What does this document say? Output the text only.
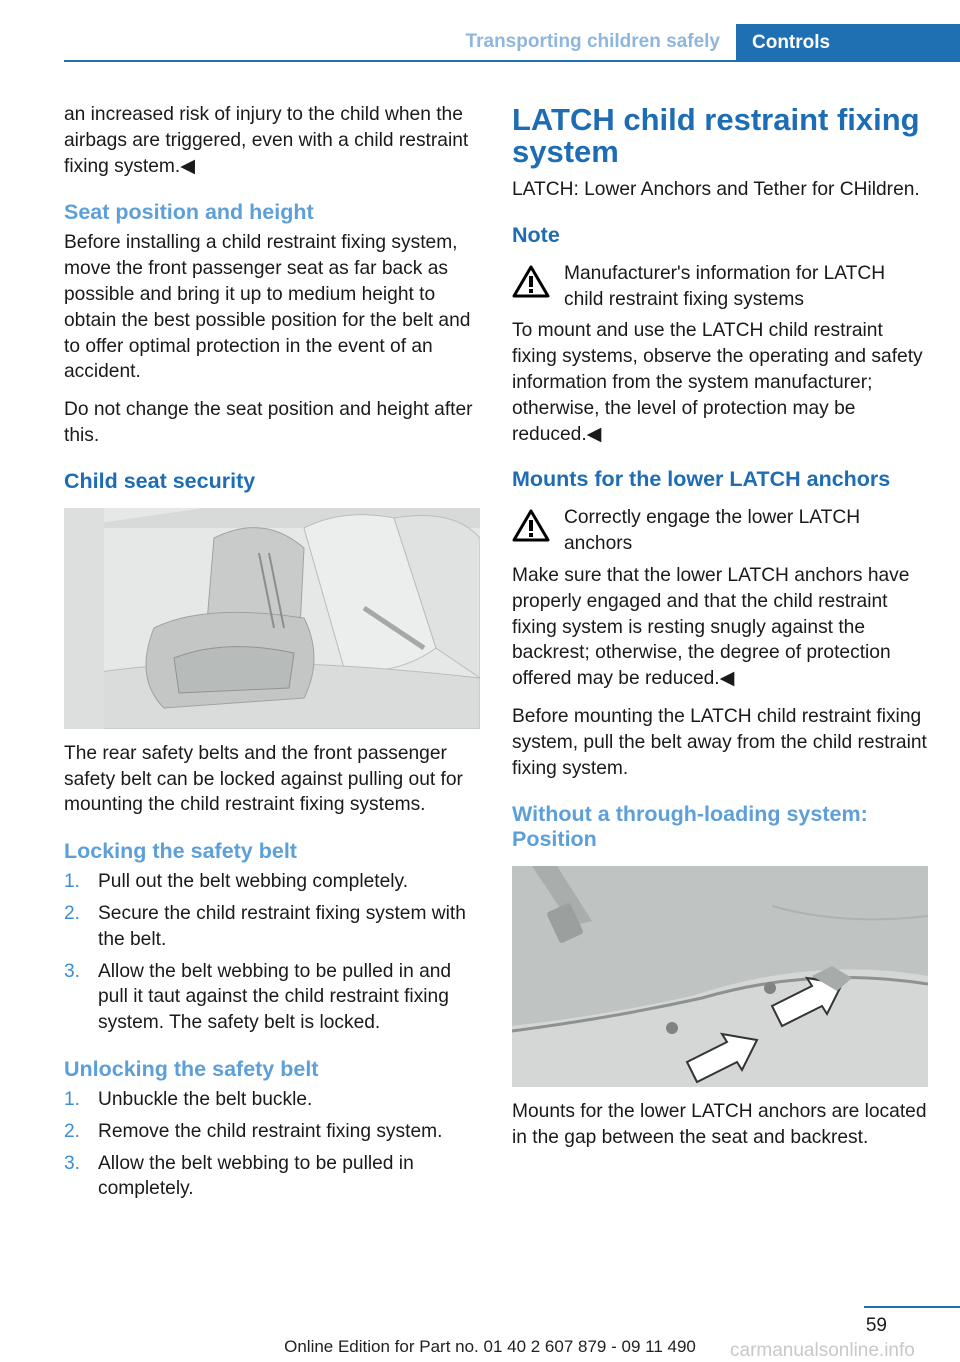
Transporting children safely	Controls

an increased risk of injury to the child when the airbags are triggered, even with a child restraint fixing system.◀

Seat position and height

Before installing a child restraint fixing system, move the front passenger seat as far back as possible and bring it up to medium height to obtain the best possible position for the belt and to offer optimal protection in the event of an accident.

Do not change the seat position and height after this.

Child seat security

The rear safety belts and the front passenger safety belt can be locked against pulling out for mounting the child restraint fixing systems.

Locking the safety belt
1. Pull out the belt webbing completely.
2. Secure the child restraint fixing system with the belt.
3. Allow the belt webbing to be pulled in and pull it taut against the child restraint fixing system. The safety belt is locked.
Unlocking the safety belt
1. Unbuckle the belt buckle.
2. Remove the child restraint fixing system.
3. Allow the belt webbing to be pulled in completely.
LATCH child restraint fixing system

LATCH: Lower Anchors and Tether for CHildren.

Note
Manufacturer's information for LATCH child restraint fixing systems

To mount and use the LATCH child restraint fixing systems, observe the operating and safety information from the system manufacturer; otherwise, the level of protection may be reduced.◀

Mounts for the lower LATCH anchors
Correctly engage the lower LATCH anchors

Make sure that the lower LATCH anchors have properly engaged and that the child restraint fixing system is resting snugly against the backrest; otherwise, the degree of protection offered may be reduced.◀

Before mounting the LATCH child restraint fixing system, pull the belt away from the child restraint fixing system.

Without a through-loading system: Position

Mounts for the lower LATCH anchors are located in the gap between the seat and backrest.

59
Online Edition for Part no. 01 40 2 607 879 - 09 11 490	carmanualsonline.info
